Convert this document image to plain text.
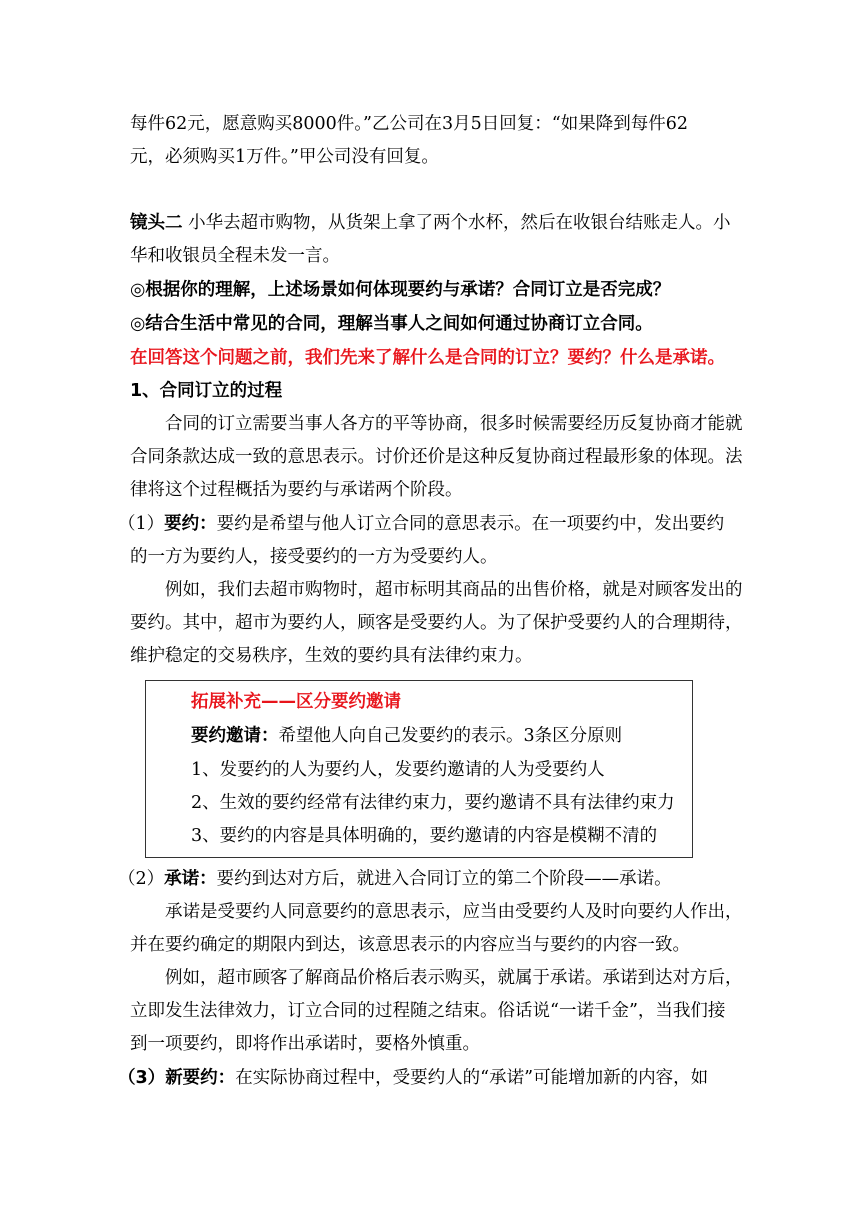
每件62元，愿意购买8000件。”乙公司在3月5日回复：“如果降到每件62
元，必须购买1万件。”甲公司没有回复。
镜头二 小华去超市购物，从货架上拿了两个水杯，然后在收银台结账走人。小
华和收银员全程未发一言。
◎根据你的理解，上述场景如何体现要约与承诺？合同订立是否完成？
◎结合生活中常见的合同，理解当事人之间如何通过协商订立合同。
在回答这个问题之前，我们先来了解什么是合同的订立？要约？什么是承诺。
1、合同订立的过程
合同的订立需要当事人各方的平等协商，很多时候需要经历反复协商才能就
合同条款达成一致的意思表示。讨价还价是这种反复协商过程最形象的体现。法
律将这个过程概括为要约与承诺两个阶段。
（1）要约：要约是希望与他人订立合同的意思表示。在一项要约中，发出要约
的一方为要约人，接受要约的一方为受要约人。
例如，我们去超市购物时，超市标明其商品的出售价格，就是对顾客发出的
要约。其中，超市为要约人，顾客是受要约人。为了保护受要约人的合理期待，
维护稳定的交易秩序，生效的要约具有法律约束力。
拓展补充——区分要约邀请
要约邀请：希望他人向自己发要约的表示。3条区分原则
1、发要约的人为要约人，发要约邀请的人为受要约人
2、生效的要约经常有法律约束力，要约邀请不具有法律约束力
3、要约的内容是具体明确的，要约邀请的内容是模糊不清的
（2）承诺：要约到达对方后，就进入合同订立的第二个阶段——承诺。
承诺是受要约人同意要约的意思表示，应当由受要约人及时向要约人作出，
并在要约确定的期限内到达，该意思表示的内容应当与要约的内容一致。
例如，超市顾客了解商品价格后表示购买，就属于承诺。承诺到达对方后，
立即发生法律效力，订立合同的过程随之结束。俗话说“一诺千金”，当我们接
到一项要约，即将作出承诺时，要格外慎重。
（3）新要约：在实际协商过程中，受要约人的“承诺”可能增加新的内容，如
